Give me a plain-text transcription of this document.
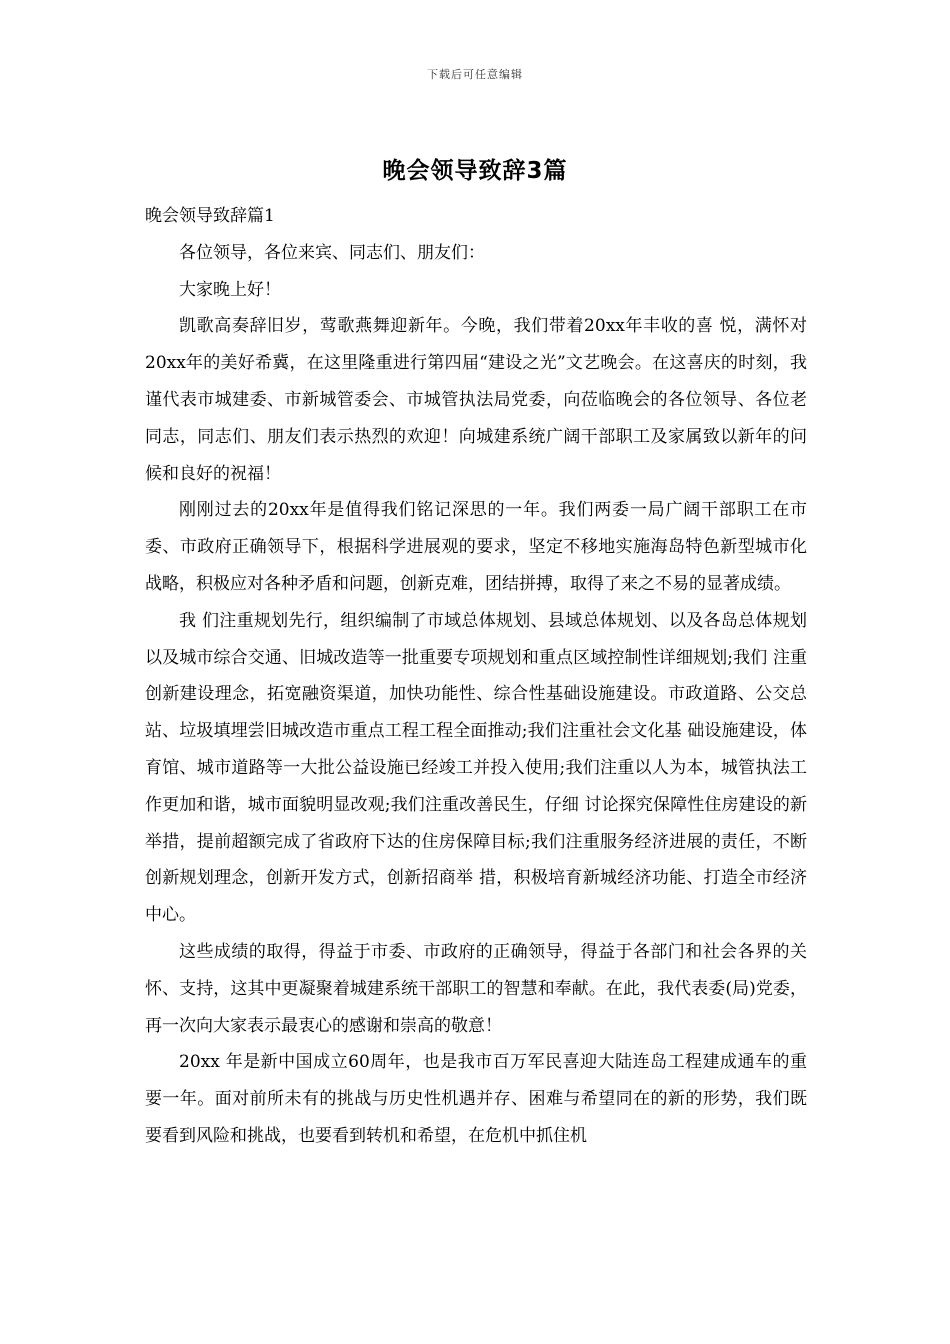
下载后可任意编辑
晚会领导致辞3篇

晚会领导致辞篇1

各位领导，各位来宾、同志们、朋友们：

大家晚上好！

凯歌高奏辞旧岁，莺歌燕舞迎新年。今晚，我们带着20xx年丰收的喜 悦，满怀对20xx年的美好希冀，在这里隆重进行第四届“建设之光”文艺晚会。在这喜庆的时刻，我谨代表市城建委、市新城管委会、市城管执法局党委，向莅临晚会的各位领导、各位老同志，同志们、朋友们表示热烈的欢迎！向城建系统广阔干部职工及家属致以新年的问候和良好的祝福！

刚刚过去的20xx年是值得我们铭记深思的一年。我们两委一局广阔干部职工在市委、市政府正确领导下，根据科学进展观的要求，坚定不移地实施海岛特色新型城市化战略，积极应对各种矛盾和问题，创新克难，团结拼搏，取得了来之不易的显著成绩。

我 们注重规划先行，组织编制了市域总体规划、县域总体规划、以及各岛总体规划以及城市综合交通、旧城改造等一批重要专项规划和重点区域控制性详细规划;我们 注重创新建设理念，拓宽融资渠道，加快功能性、综合性基础设施建设。市政道路、公交总站、垃圾填埋尝旧城改造市重点工程工程全面推动;我们注重社会文化基 础设施建设，体育馆、城市道路等一大批公益设施已经竣工并投入使用;我们注重以人为本，城管执法工作更加和谐，城市面貌明显改观;我们注重改善民生，仔细 讨论探究保障性住房建设的新举措，提前超额完成了省政府下达的住房保障目标;我们注重服务经济进展的责任，不断创新规划理念，创新开发方式，创新招商举 措，积极培育新城经济功能、打造全市经济中心。

这些成绩的取得，得益于市委、市政府的正确领导，得益于各部门和社会各界的关怀、支持，这其中更凝聚着城建系统干部职工的智慧和奉献。在此，我代表委(局)党委，再一次向大家表示最衷心的感谢和崇高的敬意！

20xx 年是新中国成立60周年，也是我市百万军民喜迎大陆连岛工程建成通车的重要一年。面对前所未有的挑战与历史性机遇并存、困难与希望同在的新的形势，我们既 要看到风险和挑战，也要看到转机和希望，在危机中抓住机
